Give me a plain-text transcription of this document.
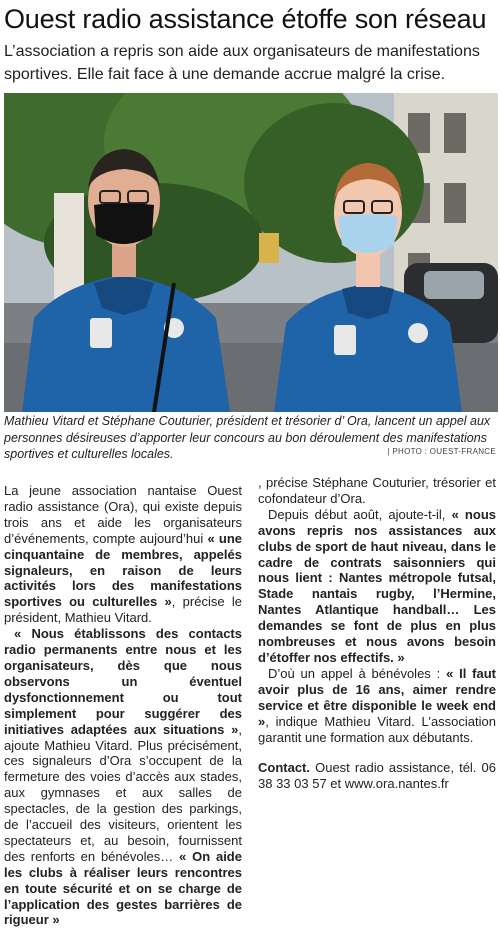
Ouest radio assistance étoffe son réseau
L’association a repris son aide aux organisateurs de manifestations sportives. Elle fait face à une demande accrue malgré la crise.
Mathieu Vitard et Stéphane Couturier, président et trésorier d’ Ora, lancent un appel aux personnes désireuses d’apporter leur concours au bon déroulement des manifestations sportives et culturelles locales.	| PHOTO : OUEST-FRANCE

La jeune association nantaise Ouest radio assistance (Ora), qui existe depuis trois ans et aide les organisateurs d’événements, compte aujourd’hui « une cinquantaine de membres, appelés signaleurs, en raison de leurs activités lors des manifestations sportives ou culturelles », précise le président, Mathieu Vitard.

« Nous établissons des contacts radio permanents entre nous et les organisateurs, dès que nous observons un éventuel dysfonctionnement ou tout simplement pour suggérer des initiatives adaptées aux situations », ajoute Mathieu Vitard. Plus précisément, ces signaleurs d’Ora s’occupent de la fermeture des voies d’accès aux stades, aux gymnases et aux salles de spectacles, de la gestion des parkings, de l’accueil des visiteurs, orientent les spectateurs et, au besoin, fournissent des renforts en bénévoles… « On aide les clubs à réaliser leurs rencontres en toute sécurité et on se charge de l’application des gestes barrières de rigueur »

, précise Stéphane Couturier, trésorier et cofondateur d’Ora.

Depuis début août, ajoute-t-il, « nous avons repris nos assistances aux clubs de sport de haut niveau, dans le cadre de contrats saisonniers qui nous lient : Nantes métropole futsal, Stade nantais rugby, l’Hermine, Nantes Atlantique handball… Les demandes se font de plus en plus nombreuses et nous avons besoin d’étoffer nos effectifs. »

D’où un appel à bénévoles : « Il faut avoir plus de 16 ans, aimer rendre service et être disponible le week end », indique Mathieu Vitard. L’association garantit une formation aux débutants.

Contact. Ouest radio assistance, tél. 06 38 33 03 57 et www.ora.nantes.fr
